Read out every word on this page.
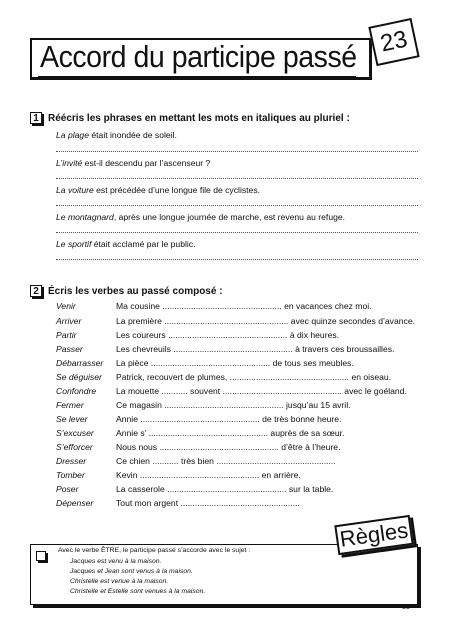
Accord du participe passé 23
1 Réécris les phrases en mettant les mots en italiques au pluriel :
La plage était inondée de soleil.
L’invité est-il descendu par l’ascenseur ?
La voiture est précédée d’une longue file de cyclistes.
Le montagnard, après une longue journée de marche, est revenu au refuge.
Le sportif était acclamé par le public.
2 Écris les verbes au passé composé :
Venir	Ma cousine .................................................. en vacances chez moi.
Arriver	La première .................................................... avec quinze secondes d’avance.
Partir	Les coureurs .................................................. à dix heures.
Passer	Les chevreuils .................................................. à travers ces broussailles.
Débarrasser	La pièce .................................................. de tous ses meubles.
Se déguiser	Patrick, recouvert de plumes, .................................................. en oiseau.
Confondre	La mouette ........... souvent .................................................. avec le goéland.
Fermer	Ce magasin .................................................. jusqu’au 15 avril.
Se lever	Annie .................................................. de très bonne heure.
S’excuser	Annie s’ .................................................. auprès de sa sœur.
S’efforcer	Nous nous .................................................. d’être à l’heure.
Dresser	Ce chien ........... très bien ..................................................
Tomber	Kevin .................................................. en arrière.
Poser	La casserole .................................................. sur la table.
Dépenser	Tout mon argent ..................................................
Règles
Avec le verbe ÊTRE, le participe passé s’accorde avec le sujet :
Jacques est venu à la maison.
Jacques et Jean sont venus à la maison.
Christelle est venue à la maison.
Christelle et Estelle sont venues à la maison.
53
